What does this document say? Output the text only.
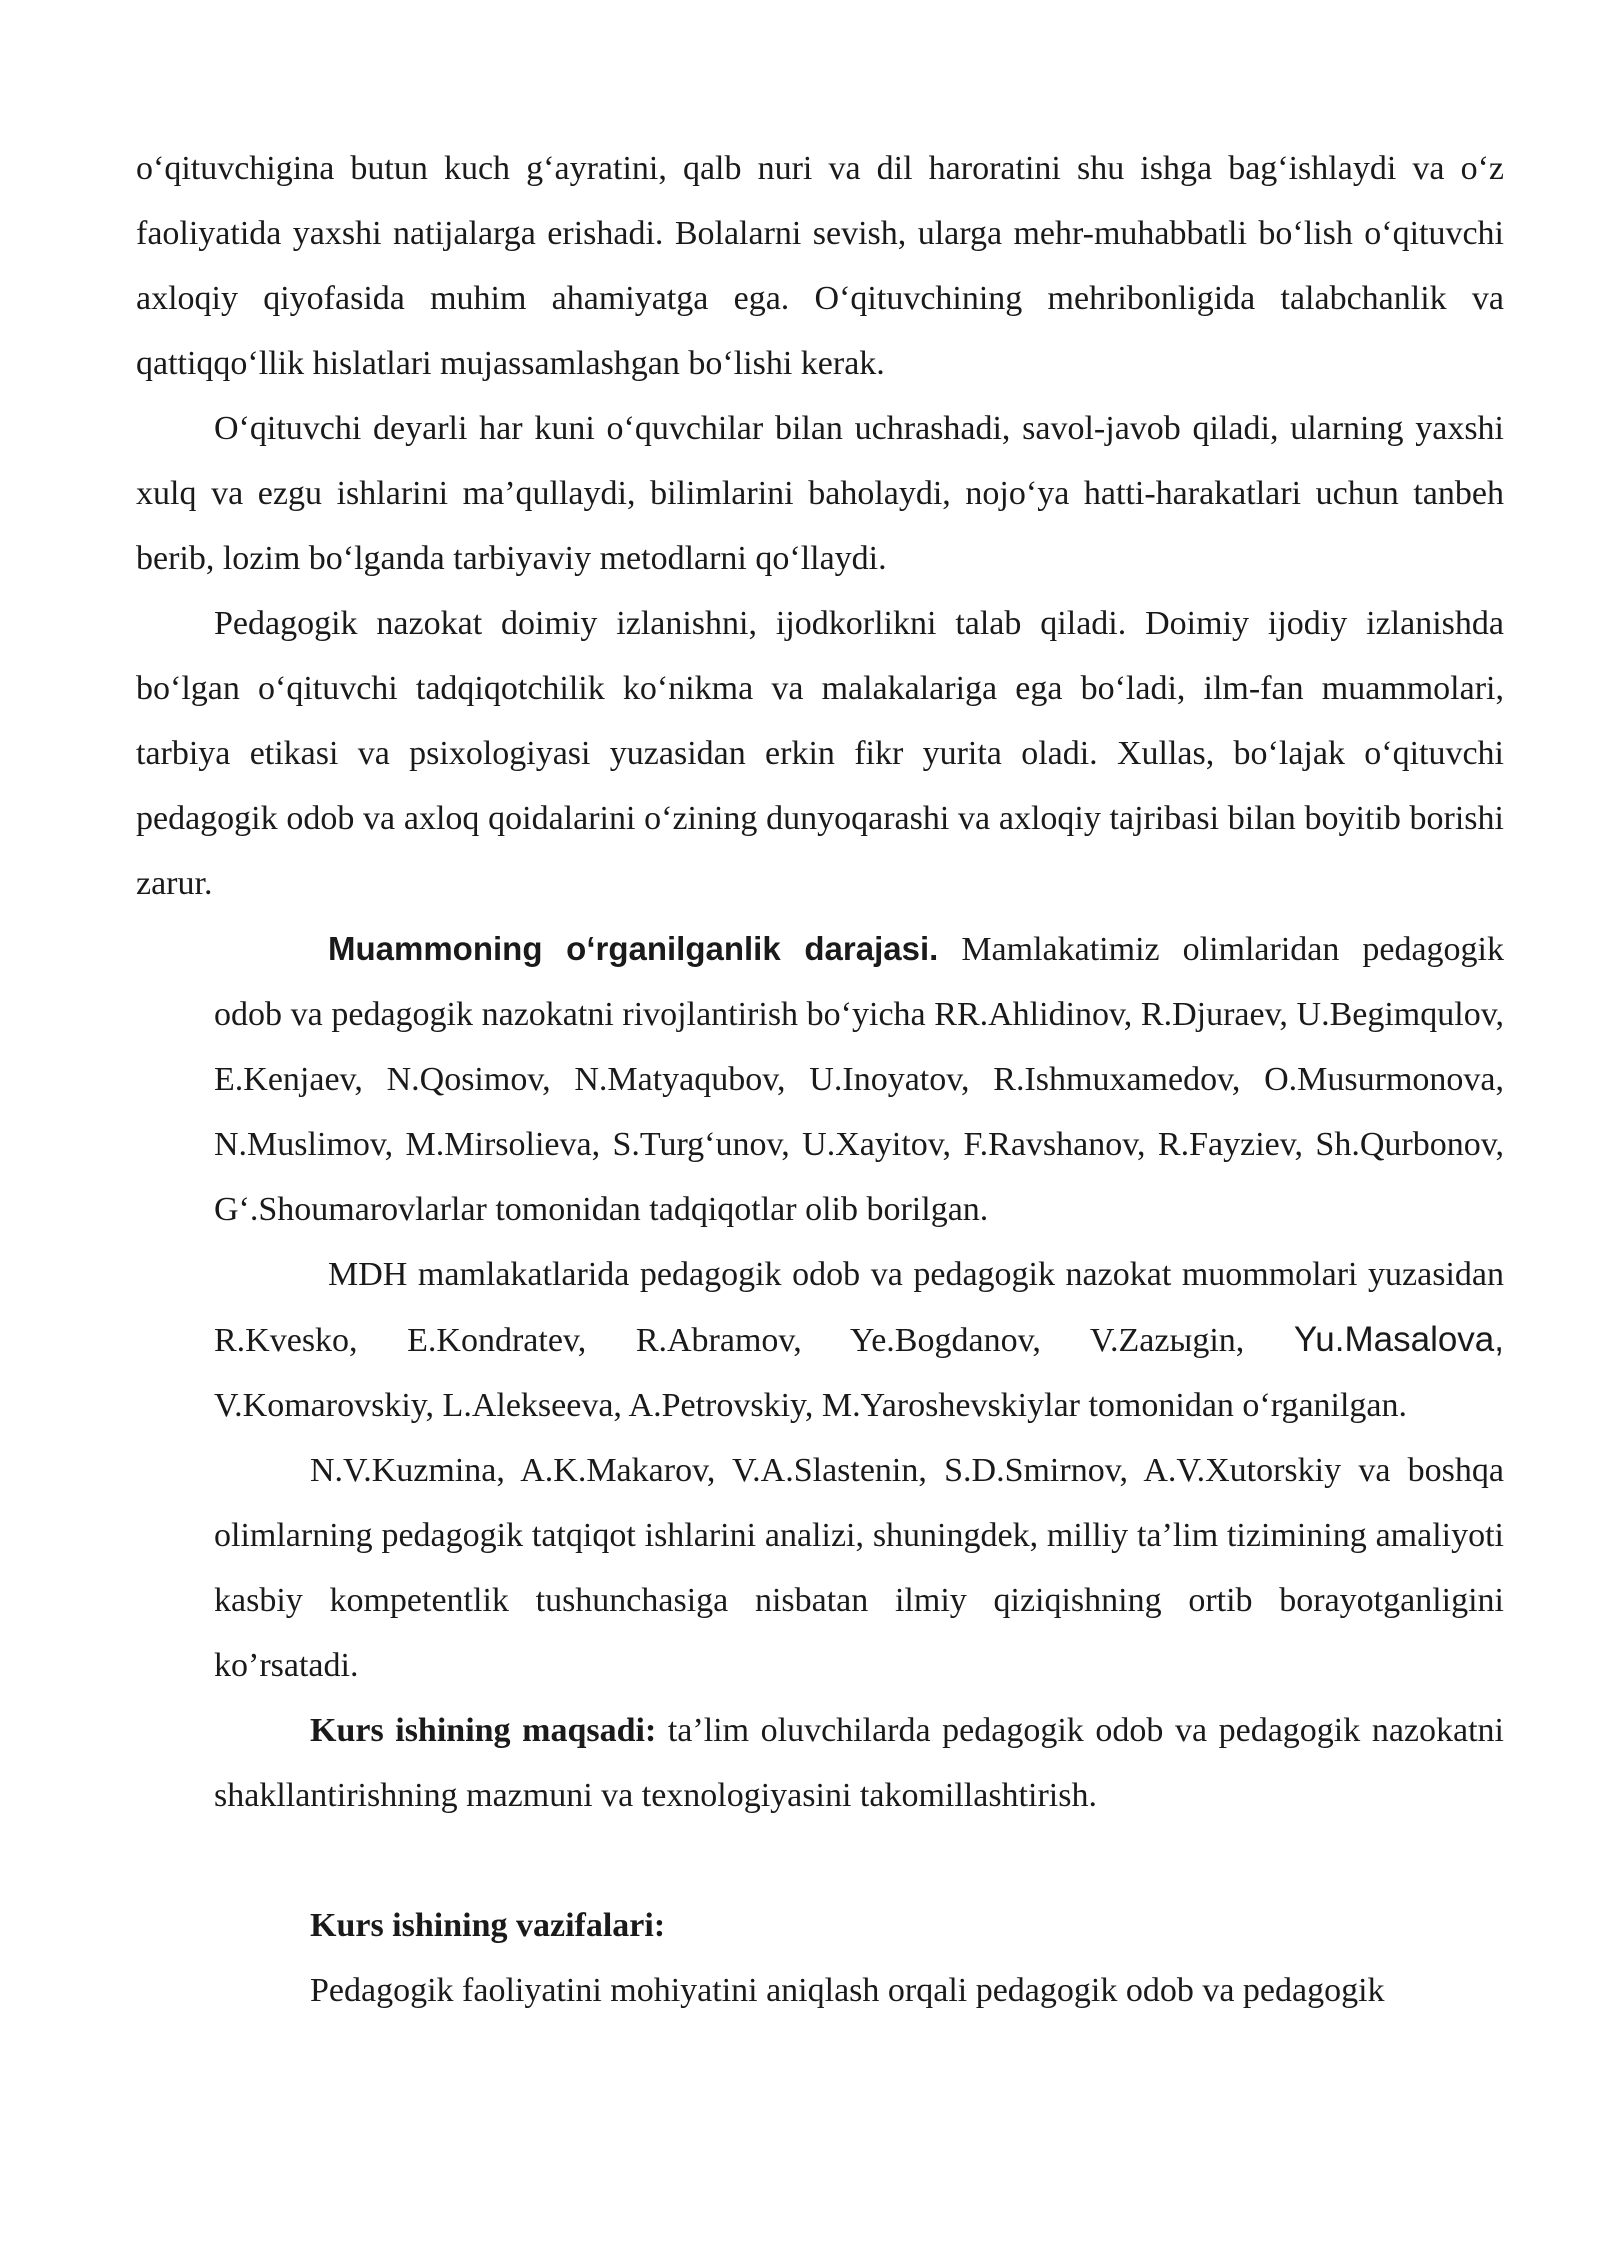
o‘qituvchigina butun kuch g‘ayratini, qalb nuri va dil haroratini shu ishga bag‘ishlaydi va o‘z faoliyatida yaxshi natijalarga erishadi. Bolalarni sevish, ularga mehr-muhabbatli bo‘lish o‘qituvchi axloqiy qiyofasida muhim ahamiyatga ega. O‘qituvchining mehribonligida talabchanlik va qattiqqo‘llik hislatlari mujassamlashgan bo‘lishi kerak.

O‘qituvchi deyarli har kuni o‘quvchilar bilan uchrashadi, savol-javob qiladi, ularning yaxshi xulq va ezgu ishlarini ma’qullaydi, bilimlarini baholaydi, nojo‘ya hatti-harakatlari uchun tanbeh berib, lozim bo‘lganda tarbiyaviy metodlarni qo‘llaydi.

Pedagogik nazokat doimiy izlanishni, ijodkorlikni talab qiladi. Doimiy ijodiy izlanishda bo‘lgan o‘qituvchi tadqiqotchilik ko‘nikma va malakalariga ega bo‘ladi, ilm-fan muammolari, tarbiya etikasi va psixologiyasi yuzasidan erkin fikr yurita oladi. Xullas, bo‘lajak o‘qituvchi pedagogik odob va axloq qoidalarini o‘zining dunyoqarashi va axloqiy tajribasi bilan boyitib borishi zarur.

Muammoning o‘rganilganlik darajasi. Mamlakatimiz olimlaridan pedagogik odob va pedagogik nazokatni rivojlantirish bo‘yicha RR.Ahlidinov, R.Djuraev, U.Begimqulov, E.Kenjaev, N.Qosimov, N.Matyaqubov, U.Inoyatov, R.Ishmuxamedov, O.Musurmonova, N.Muslimov, M.Mirsolieva, S.Turg‘unov, U.Xayitov, F.Ravshanov, R.Fayziev, Sh.Qurbonov, G‘.Shoumarovlarlar tomonidan tadqiqotlar olib borilgan.

MDH mamlakatlarida pedagogik odob va pedagogik nazokat muommolari yuzasidan R.Kvesko, E.Kondratev, R.Abramov, Ye.Bogdanov, V.Zazыgin, Yu.Masalova, V.Komarovskiy, L.Alekseeva, A.Petrovskiy, M.Yaroshevskiylar tomonidan o‘rganilgan.

N.V.Kuzmina, A.K.Makarov, V.A.Slastenin, S.D.Smirnov, A.V.Xutorskiy va boshqa olimlarning pedagogik tatqiqot ishlarini analizi, shuningdek, milliy ta’lim tizimining amaliyoti kasbiy kompetentlik tushunchasiga nisbatan ilmiy qiziqishning ortib borayotganligini ko’rsatadi.

Kurs ishining maqsadi: ta’lim oluvchilarda pedagogik odob va pedagogik nazokatni shakllantirishning mazmuni va texnologiyasini takomillashtirish.

Kurs ishining vazifalari:

Pedagogik faoliyatini mohiyatini aniqlash orqali pedagogik odob va pedagogik
